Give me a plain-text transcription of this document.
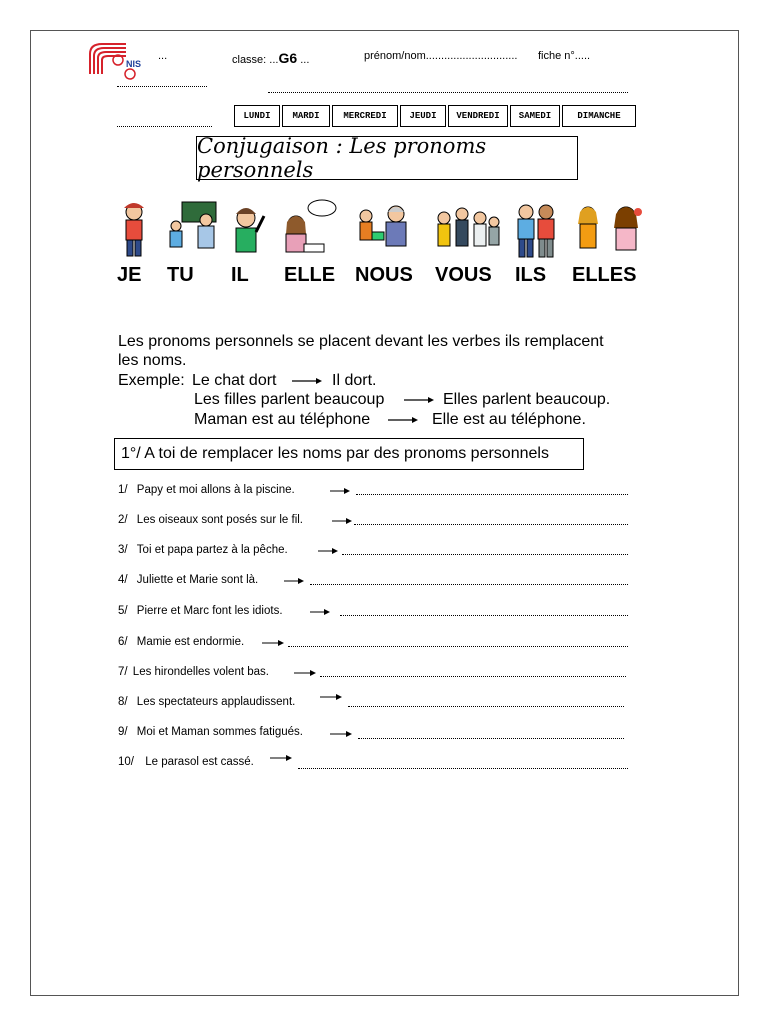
NIS
...	classe: ...G6 ...	prénom/nom.............................. fiche n°.....
LUNDI	MARDI	MERCREDI	JEUDI	VENDREDI	SAMEDI	DIMANCHE
Conjugaison : Les pronoms personnels
JE TU IL ELLE NOUS VOUS ILS ELLES
Les pronoms personnels se placent devant les verbes ils remplacent
les noms.
Exemple: Le chat dort	Il dort.
Les filles parlent beaucoup	Elles parlent beaucoup.
Maman est au téléphone	Elle est au téléphone.
1°/ A toi de remplacer les noms par des pronoms personnels
1/ Papy et moi allons à la piscine.
2/ Les oiseaux sont posés sur le fil.
3/ Toi et papa partez à la pêche.
4/ Juliette et Marie sont là.
5/ Pierre et Marc font les idiots.
6/ Mamie est endormie.
7/ Les hirondelles volent bas.
8/ Les spectateurs applaudissent.
9/ Moi et Maman sommes fatigués.
10/ Le parasol est cassé.
